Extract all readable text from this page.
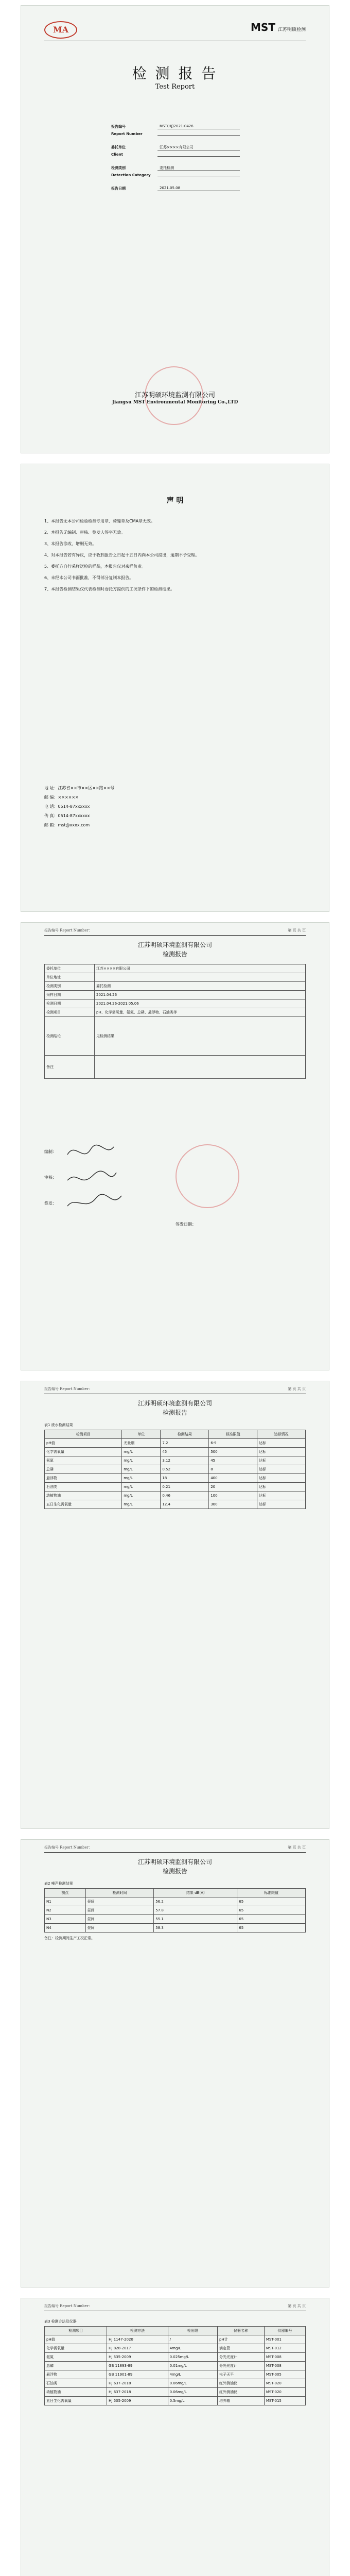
MA	MST 江苏明硕检测
检 测 报 告
Test Report
报告编号	MST(HJ)2021-0426
Report Number
委托单位	江苏××××有限公司
Client
检测类别	委托检测
Detection Category
报告日期	2021.05.08
江苏明硕环境监测有限公司
Jiangsu MST Environmental Monitoring Co.,LTD
声 明
1、本报告无本公司检验检测专用章、骑缝章及CMA章无效。
2、本报告无编制、审核、签发人签字无效。
3、本报告涂改、增删无效。
4、对本报告若有异议，应于收到报告之日起十五日内向本公司提出，逾期不予受理。
5、委托方自行采样送检的样品，本报告仅对来样负责。
6、未经本公司书面批准，不得部分复制本报告。
7、本报告检测结果仅代表检测时委托方提供的工况条件下的检测结果。
地 址：江苏省××市××区××路××号
邮 编：××××××
电 话：0514-87xxxxxx
传 真：0514-87xxxxxx
邮 箱：mst@xxxx.com
报告编号 Report Number：	第 页 共 页
江苏明硕环境监测有限公司
检测报告
委托单位	江苏××××有限公司
单位地址	
检测类别	委托检测
采样日期	2021.04.26
检测日期	2021.04.26-2021.05.06
检测项目	pH、化学需氧量、氨氮、总磷、悬浮物、石油类等
检测结论	见检测结果
备注	
编制：
审核：
签发：
签发日期：
报告编号 Report Number：	第 页 共 页
江苏明硕环境监测有限公司
检测报告
表1 废水检测结果
检测项目	单位	检测结果	标准限值	达标情况
pH值	无量纲	7.2	6-9	达标
化学需氧量	mg/L	45	500	达标
氨氮	mg/L	3.12	45	达标
总磷	mg/L	0.52	8	达标
悬浮物	mg/L	18	400	达标
石油类	mg/L	0.21	20	达标
动植物油	mg/L	0.46	100	达标
五日生化需氧量	mg/L	12.4	300	达标
报告编号 Report Number：	第 页 共 页
江苏明硕环境监测有限公司
检测报告
表2 噪声检测结果
测点	检测时间	结果 dB(A)	标准限值
N1	昼间	56.2	65
N2	昼间	57.8	65
N3	昼间	55.1	65
N4	昼间	58.3	65
备注：检测期间生产工况正常。
报告编号 Report Number：	第 页 共 页
表3 检测方法及仪器
检测项目	检测方法	检出限	仪器名称	仪器编号
pH值	HJ 1147-2020	/	pH计	MST-001
化学需氧量	HJ 828-2017	4mg/L	滴定管	MST-012
氨氮	HJ 535-2009	0.025mg/L	分光光度计	MST-008
总磷	GB 11893-89	0.01mg/L	分光光度计	MST-008
悬浮物	GB 11901-89	4mg/L	电子天平	MST-005
石油类	HJ 637-2018	0.06mg/L	红外测油仪	MST-020
动植物油	HJ 637-2018	0.06mg/L	红外测油仪	MST-020
五日生化需氧量	HJ 505-2009	0.5mg/L	培养箱	MST-015
